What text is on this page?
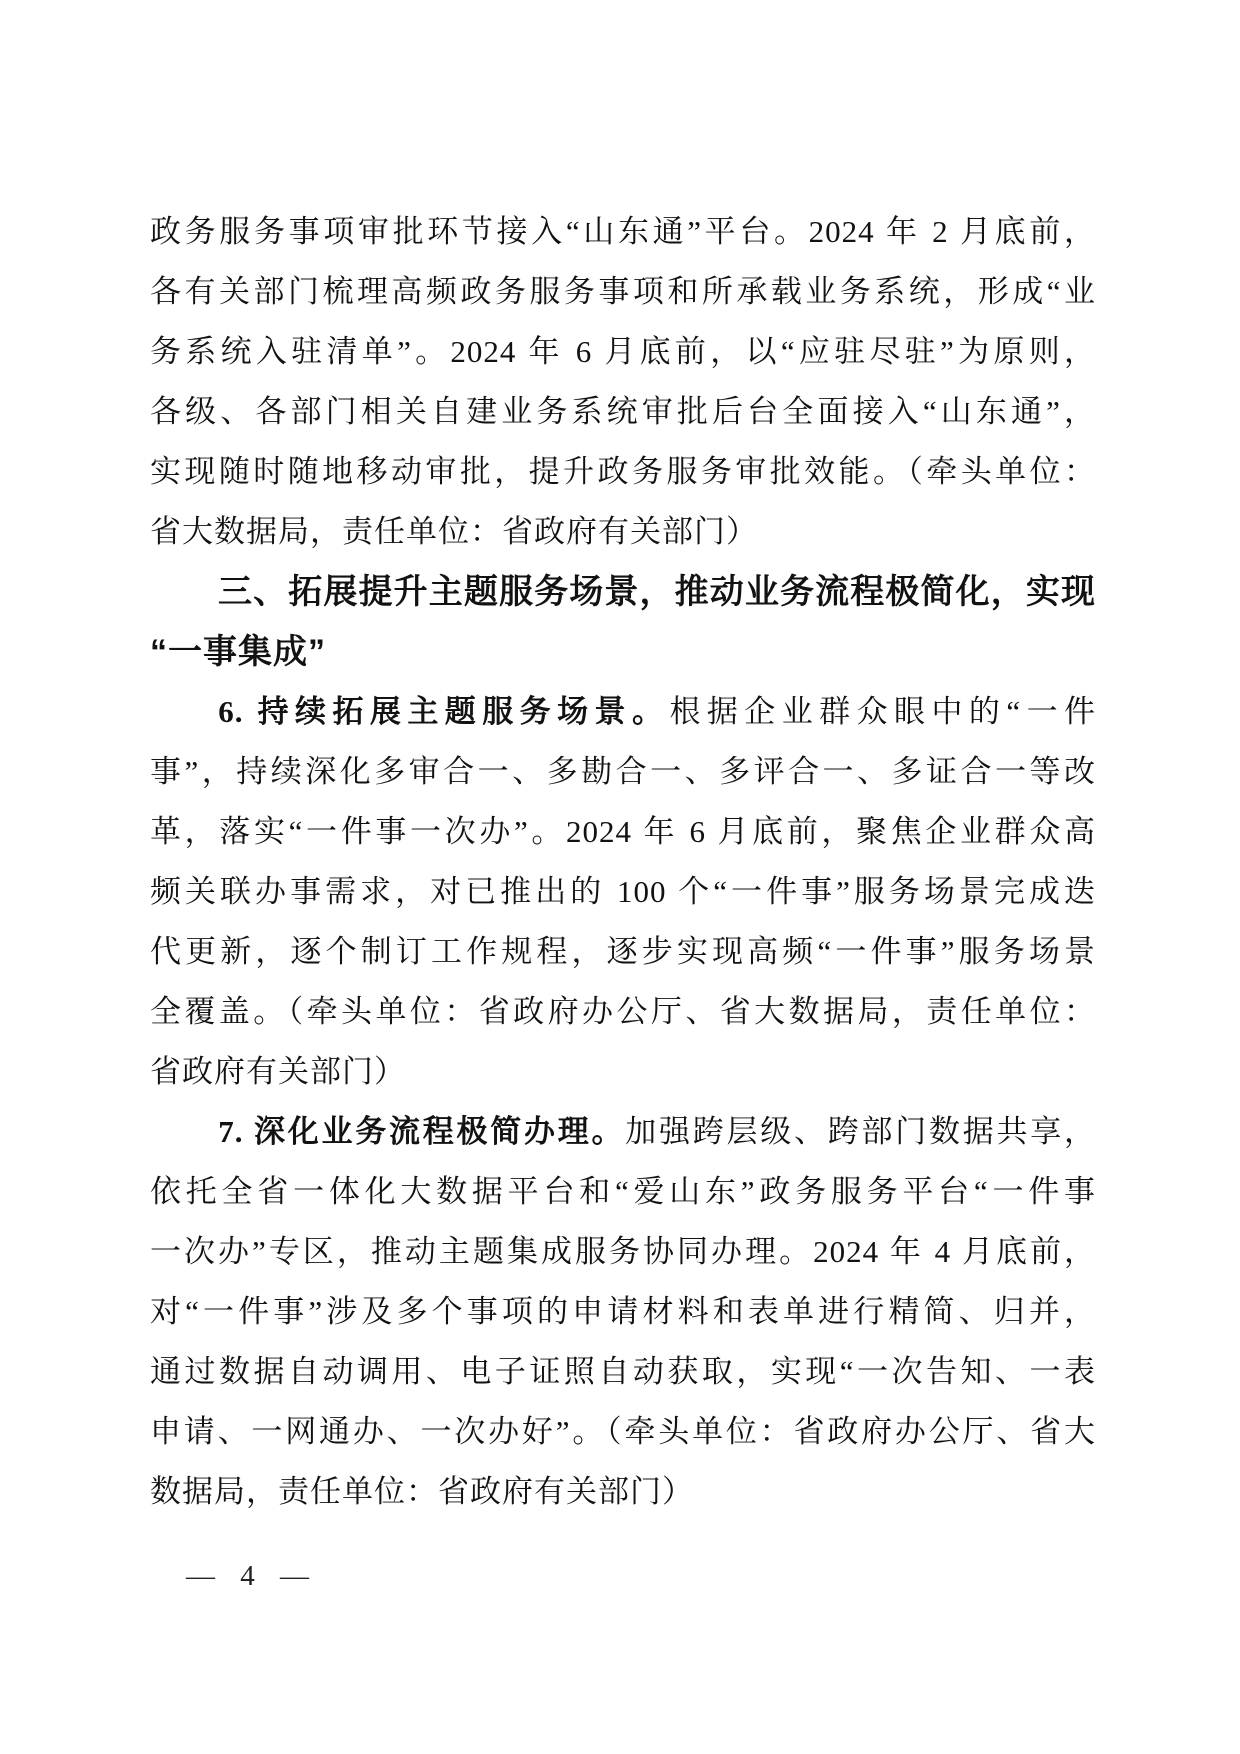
政务服务事项审批环节接入“山东通”平台。2024 年 2 月底前，
各有关部门梳理高频政务服务事项和所承载业务系统，形成“业
务系统入驻清单”。2024 年 6 月底前，以“应驻尽驻”为原则，
各级、各部门相关自建业务系统审批后台全面接入“山东通”，
实现随时随地移动审批，提升政务服务审批效能。（牵头单位：
省大数据局，责任单位：省政府有关部门）
三、拓展提升主题服务场景，推动业务流程极简化，实现
“一事集成”
6. 持续拓展主题服务场景。根据企业群众眼中的“一件
事”，持续深化多审合一、多勘合一、多评合一、多证合一等改
革，落实“一件事一次办”。2024 年 6 月底前，聚焦企业群众高
频关联办事需求，对已推出的 100 个“一件事”服务场景完成迭
代更新，逐个制订工作规程，逐步实现高频“一件事”服务场景
全覆盖。（牵头单位：省政府办公厅、省大数据局，责任单位：
省政府有关部门）
7. 深化业务流程极简办理。加强跨层级、跨部门数据共享，
依托全省一体化大数据平台和“爱山东”政务服务平台“一件事
一次办”专区，推动主题集成服务协同办理。2024 年 4 月底前，
对“一件事”涉及多个事项的申请材料和表单进行精简、归并，
通过数据自动调用、电子证照自动获取，实现“一次告知、一表
申请、一网通办、一次办好”。（牵头单位：省政府办公厅、省大
数据局，责任单位：省政府有关部门）
— 4 —
